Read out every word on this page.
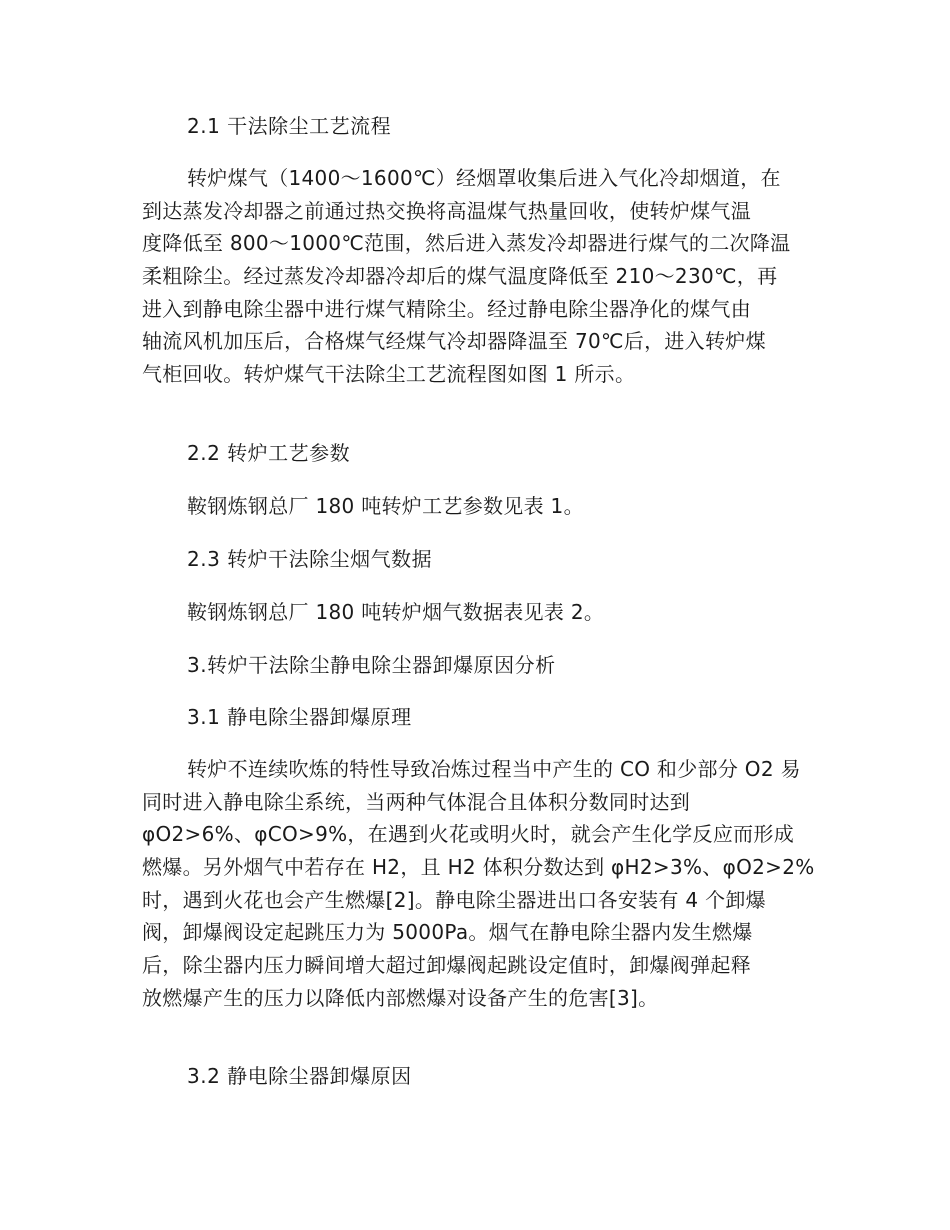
2.1 干法除尘工艺流程
转炉煤气（1400～1600℃）经烟罩收集后进入气化冷却烟道，在
到达蒸发冷却器之前通过热交换将高温煤气热量回收，使转炉煤气温
度降低至 800～1000℃范围，然后进入蒸发冷却器进行煤气的二次降温
柔粗除尘。经过蒸发冷却器冷却后的煤气温度降低至 210～230℃，再
进入到静电除尘器中进行煤气精除尘。经过静电除尘器净化的煤气由
轴流风机加压后，合格煤气经煤气冷却器降温至 70℃后，进入转炉煤
气柜回收。转炉煤气干法除尘工艺流程图如图 1 所示。
2.2 转炉工艺参数
鞍钢炼钢总厂 180 吨转炉工艺参数见表 1。
2.3 转炉干法除尘烟气数据
鞍钢炼钢总厂 180 吨转炉烟气数据表见表 2。
3.转炉干法除尘静电除尘器卸爆原因分析
3.1 静电除尘器卸爆原理
转炉不连续吹炼的特性导致冶炼过程当中产生的 CO 和少部分 O2 易
同时进入静电除尘系统，当两种气体混合且体积分数同时达到
φO2>6%、φCO>9%，在遇到火花或明火时，就会产生化学反应而形成
燃爆。另外烟气中若存在 H2，且 H2 体积分数达到 φH2>3%、φO2>2%
时，遇到火花也会产生燃爆[2]。静电除尘器进出口各安装有 4 个卸爆
阀，卸爆阀设定起跳压力为 5000Pa。烟气在静电除尘器内发生燃爆
后，除尘器内压力瞬间增大超过卸爆阀起跳设定值时，卸爆阀弹起释
放燃爆产生的压力以降低内部燃爆对设备产生的危害[3]。
3.2 静电除尘器卸爆原因
